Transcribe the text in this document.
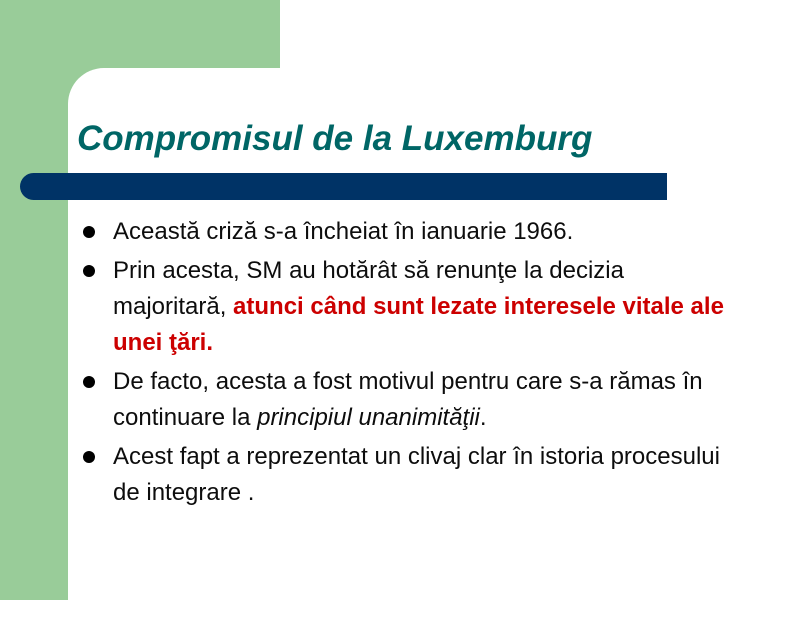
Compromisul de la Luxemburg
Această criză s-a încheiat în ianuarie 1966.
Prin acesta, SM au hotărât să renunţe la decizia majoritară, atunci când sunt lezate interesele vitale ale unei ţări.
De facto, acesta a fost motivul pentru care s-a rămas în continuare la principiul unanimităţii.
Acest fapt a reprezentat un clivaj clar în istoria procesului de integrare .
